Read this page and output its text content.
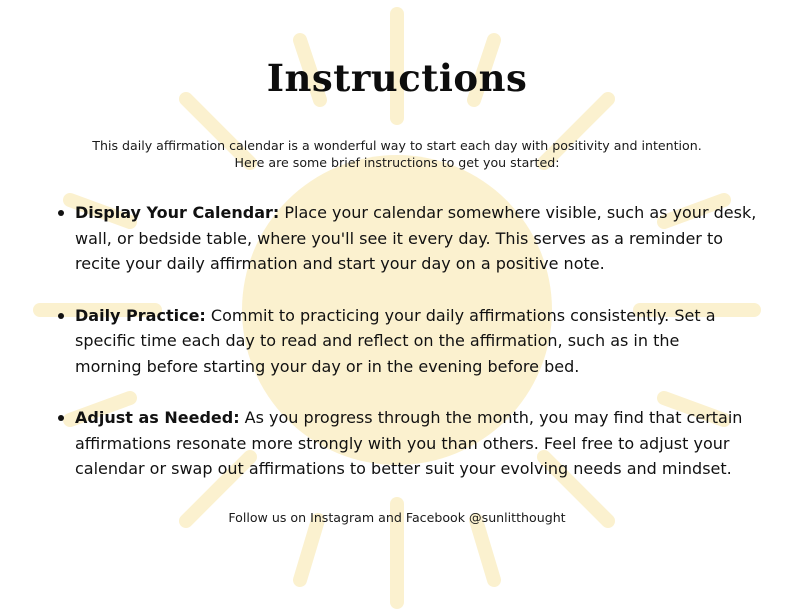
Instructions
This daily affirmation calendar is a wonderful way to start each day with positivity and intention.
Here are some brief instructions to get you started:
Display Your Calendar: Place your calendar somewhere visible, such as your desk,
wall, or bedside table, where you'll see it every day. This serves as a reminder to
recite your daily affirmation and start your day on a positive note.
Daily Practice: Commit to practicing your daily affirmations consistently. Set a
specific time each day to read and reflect on the affirmation, such as in the
morning before starting your day or in the evening before bed.
Adjust as Needed: As you progress through the month, you may find that certain
affirmations resonate more strongly with you than others. Feel free to adjust your
calendar or swap out affirmations to better suit your evolving needs and mindset.
Follow us on Instagram and Facebook @sunlitthought
